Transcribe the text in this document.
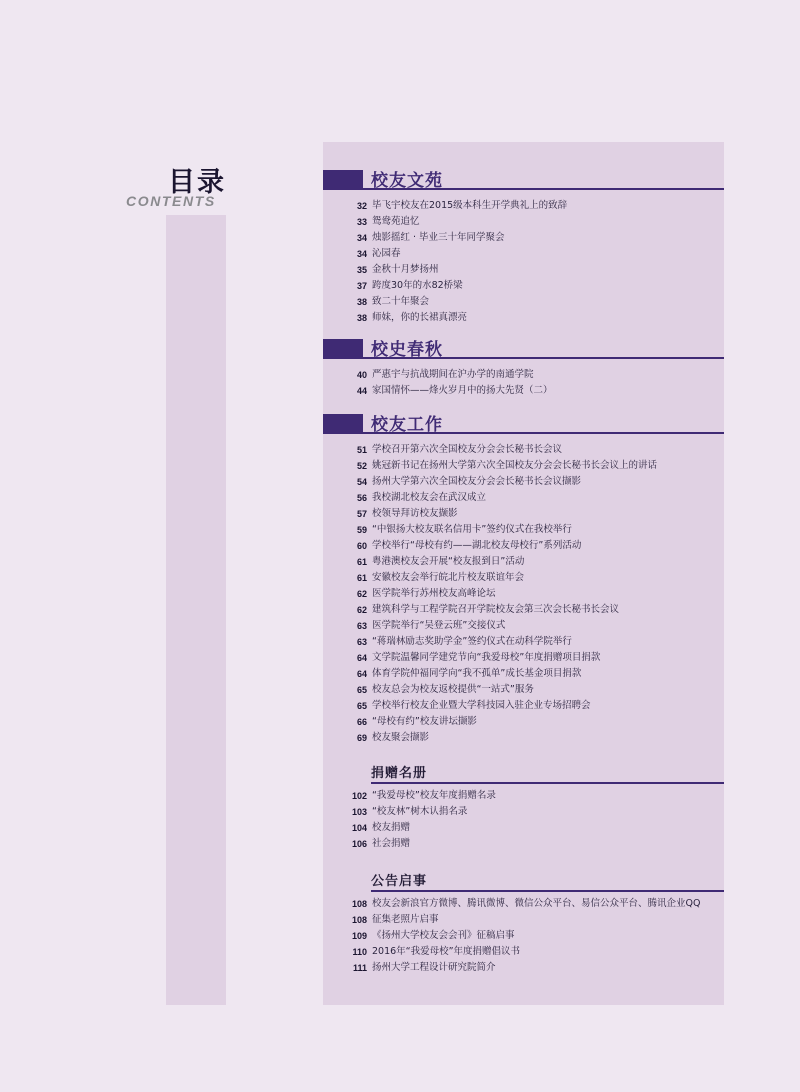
目录
CONTENTS
校友文苑
32 毕飞宇校友在2015级本科生开学典礼上的致辞
33 鸳鸯苑追忆
34 烛影摇红 · 毕业三十年同学聚会
34 沁园春
35 金秋十月梦扬州
37 跨度30年的水82桥梁
38 致二十年聚会
38 师妹，你的长裙真漂亮
校史春秋
40 严惠宇与抗战期间在沪办学的南通学院
44 家国情怀——烽火岁月中的扬大先贤（二）
校友工作
51 学校召开第六次全国校友分会会长秘书长会议
52 姚冠新书记在扬州大学第六次全国校友分会会长秘书长会议上的讲话
54 扬州大学第六次全国校友分会会长秘书长会议撷影
56 我校湖北校友会在武汉成立
57 校领导拜访校友撷影
59 “中银扬大校友联名信用卡”签约仪式在我校举行
60 学校举行“母校有约——湖北校友母校行”系列活动
61 粤港澳校友会开展“校友报到日”活动
61 安徽校友会举行皖北片校友联谊年会
62 医学院举行苏州校友高峰论坛
62 建筑科学与工程学院召开学院校友会第三次会长秘书长会议
63 医学院举行“吴登云班”交接仪式
63 “蒋瑞林励志奖助学金”签约仪式在动科学院举行
64 文学院温馨同学建党节向“我爱母校”年度捐赠项目捐款
64 体育学院仲福同学向“我不孤单”成长基金项目捐款
65 校友总会为校友返校提供“一站式”服务
65 学校举行校友企业暨大学科技园入驻企业专场招聘会
66 “母校有约”校友讲坛撷影
69 校友聚会撷影
捐赠名册
102 “我爱母校”校友年度捐赠名录
103 “校友林”树木认捐名录
104 校友捐赠
106 社会捐赠
公告启事
108 校友会新浪官方微博、腾讯微博、微信公众平台、易信公众平台、腾讯企业QQ
108 征集老照片启事
109 《扬州大学校友会会刊》征稿启事
110 2016年“我爱母校”年度捐赠倡议书
111 扬州大学工程设计研究院简介
